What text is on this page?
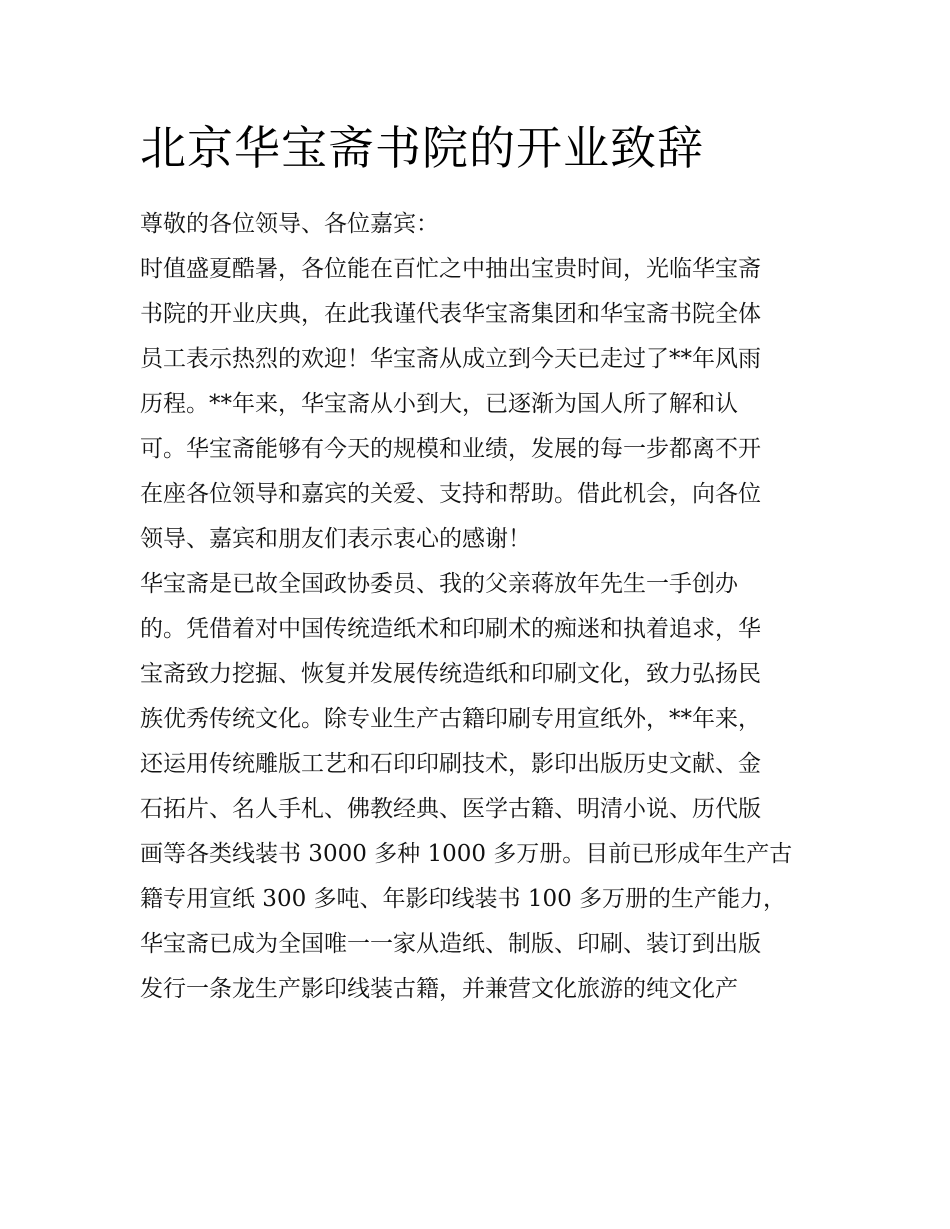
北京华宝斋书院的开业致辞
尊敬的各位领导、各位嘉宾：
时值盛夏酷暑，各位能在百忙之中抽出宝贵时间，光临华宝斋
书院的开业庆典，在此我谨代表华宝斋集团和华宝斋书院全体
员工表示热烈的欢迎！华宝斋从成立到今天已走过了**年风雨
历程。**年来，华宝斋从小到大，已逐渐为国人所了解和认
可。华宝斋能够有今天的规模和业绩，发展的每一步都离不开
在座各位领导和嘉宾的关爱、支持和帮助。借此机会，向各位
领导、嘉宾和朋友们表示衷心的感谢！
华宝斋是已故全国政协委员、我的父亲蒋放年先生一手创办
的。凭借着对中国传统造纸术和印刷术的痴迷和执着追求，华
宝斋致力挖掘、恢复并发展传统造纸和印刷文化，致力弘扬民
族优秀传统文化。除专业生产古籍印刷专用宣纸外，**年来，
还运用传统雕版工艺和石印印刷技术，影印出版历史文献、金
石拓片、名人手札、佛教经典、医学古籍、明清小说、历代版
画等各类线装书 3000 多种 1000 多万册。目前已形成年生产古
籍专用宣纸 300 多吨、年影印线装书 100 多万册的生产能力，
华宝斋已成为全国唯一一家从造纸、制版、印刷、装订到出版
发行一条龙生产影印线装古籍，并兼营文化旅游的纯文化产
